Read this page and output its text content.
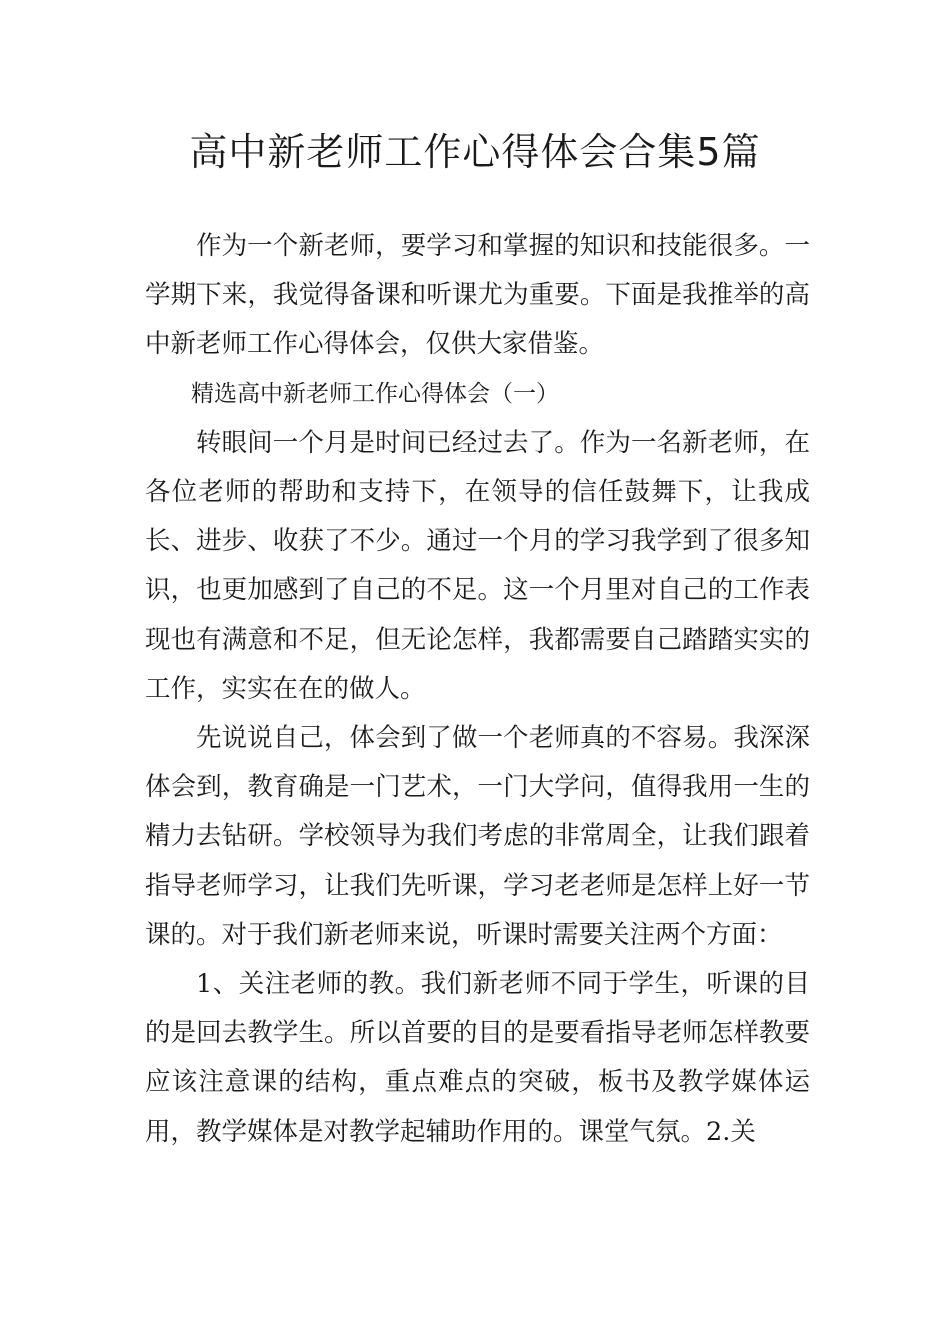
高中新老师工作心得体会合集5篇

作为一个新老师，要学习和掌握的知识和技能很多。一学期下来，我觉得备课和听课尤为重要。下面是我推举的高中新老师工作心得体会，仅供大家借鉴。

精选高中新老师工作心得体会（一）

转眼间一个月是时间已经过去了。作为一名新老师，在各位老师的帮助和支持下，在领导的信任鼓舞下，让我成长、进步、收获了不少。通过一个月的学习我学到了很多知识，也更加感到了自己的不足。这一个月里对自己的工作表现也有满意和不足，但无论怎样，我都需要自己踏踏实实的工作，实实在在的做人。

先说说自己，体会到了做一个老师真的不容易。我深深体会到，教育确是一门艺术，一门大学问，值得我用一生的精力去钻研。学校领导为我们考虑的非常周全，让我们跟着指导老师学习，让我们先听课，学习老老师是怎样上好一节课的。对于我们新老师来说，听课时需要关注两个方面：

1、关注老师的教。我们新老师不同于学生，听课的目的是回去教学生。所以首要的目的是要看指导老师怎样教要应该注意课的结构，重点难点的突破，板书及教学媒体运用，教学媒体是对教学起辅助作用的。课堂气氛。2.关
